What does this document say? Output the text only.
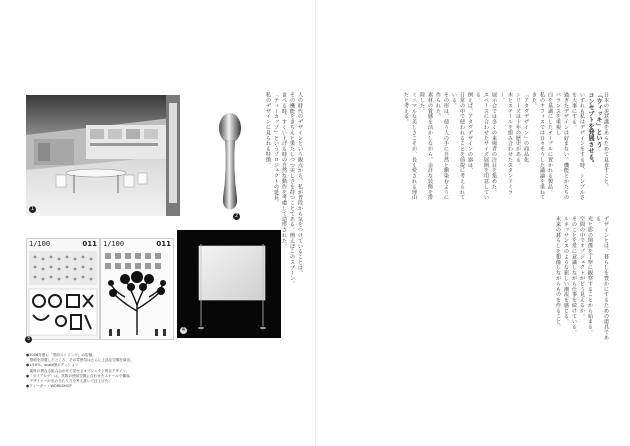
1
2
1/100	011 1/100	011
3
4
●2006年夏に「男前ストリング」の店舗。
　照明を設置したところ、その雰囲気はさらに上品な空間を演出。
●1/10%、scale版エディション
　素材の異なる組み合わせで見せるオブジェクト的なデザイン。
●「ダイアログ」は、実際の使用空間に合わせたスケールで構成。
　デザイナーが光の当たり方を考え抜いて仕上げた。
●フィーガー・WORKSHOP

人の時代のデザインという観点から、私が普段から気をつけていることは、

その機能をきちんと果たしつつ美しさを持つことである。例えばこのスプーン。

食べる時、すくい上げる時の自然な動作を考慮して造形された。

「ティーカップ」というプロジェクトの延長。

私のデザインに見られる特徴。	日本の美意識をあらためて見直すこと。

「ウィッキ」という

コンセプトを発展させる。

いずれも私はデザインをする時、シンプルさを大事にする。

過ぎたデザインは好まない。機能とかたちのバランスを重視し

白を基調にしたテーブルに置かれる製品。

私のオフィスでは日々そうした議論を重ねてきた。

「アタダデザイン」の商品化

シリーズは十年の歴史がある。

木とスチールを組み合わせたスタンドミラー。

展示会では多くの来場者の注目を集めた。

スペースに合わせたサイズ展開を用意している。

例えば、アタダデザインの器は、

日常の中で使われることを前提に考えられている。

その形は、使う人の手に自然と馴染むように作られた。

素材の質感を活かしながら、余計な装飾を排除した。

ミニマルな美しさこそが、長く愛される理由だと考える。

デザインとは、暮らしを豊かにするための道具である。

光と影の関係を丁寧に観察することから始まる。

空間の中でオブジェクトがどう見えるか。

そのことを常に意識しながら仕事を続けている。

ルネッサンスのような新しい潮流を感じる。

未来の暮らしを想像しながらものを作ること。
